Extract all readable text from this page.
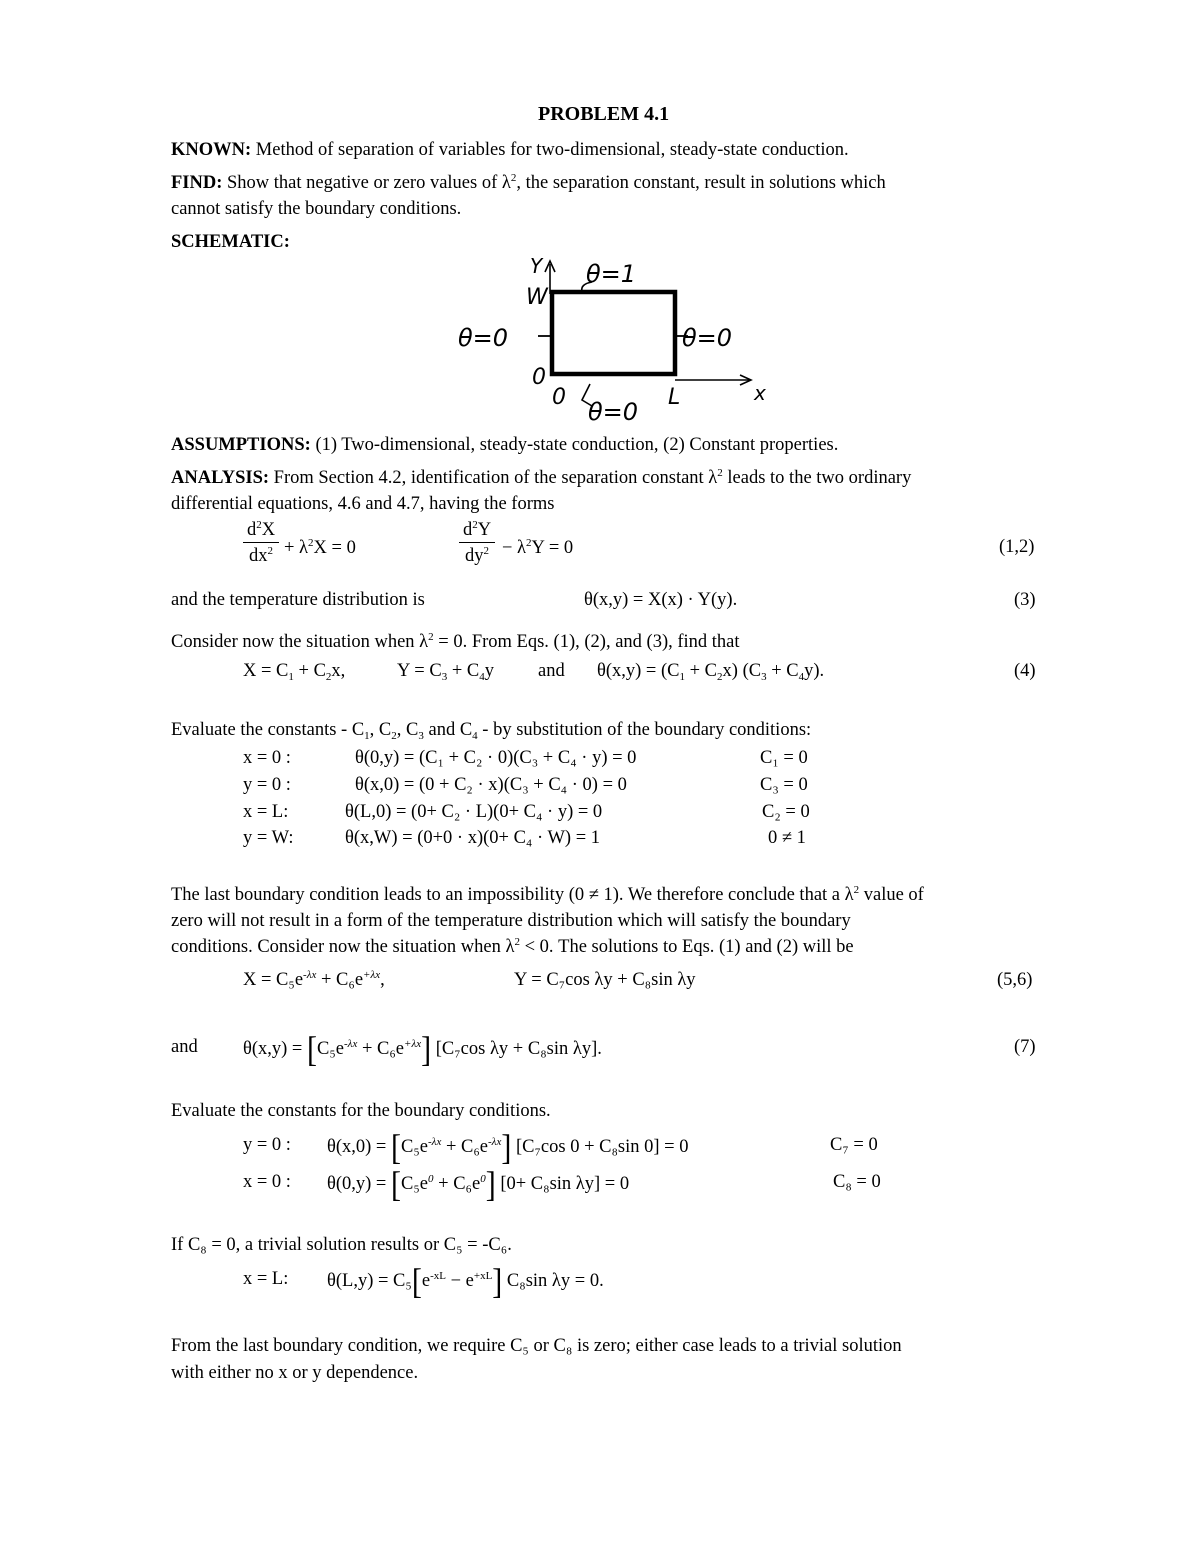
PROBLEM 4.1
KNOWN: Method of separation of variables for two-dimensional, steady-state conduction.
FIND: Show that negative or zero values of $\lambda^2$, the separation constant, result in solutions which
cannot satisfy the boundary conditions.
SCHEMATIC:
Y
W
θ=1
θ=0	θ=0
0
0
θ=0
L	x
ASSUMPTIONS: (1) Two-dimensional, steady-state conduction, (2) Constant properties.
ANALYSIS: From Section 4.2, identification of the separation constant $\lambda^2$ leads to the two ordinary
differential equations, 4.6 and 4.7, having the forms
$d^2X$
$dx^2 + \lambda^2X = 0$
$d^2Y$
$dy^2 - \lambda^2Y = 0$	(1,2)
and the temperature distribution is	θ(x,y) = X(x) · Y(y).	(3)
Consider now the situation when $\lambda^2 = 0$. From Eqs. (1), (2), and (3), find that
$X = C_1 + C_2x$,	$Y = C_3 + C_4y$ and $\theta(x,y) = (C_1 + C_2x) (C_3 + C_4y)$.	(4)
Evaluate the constants - $C_1$, $C_2$, $C_3$ and $C_4$ - by substitution of the boundary conditions:
x = 0 :	θ(0,y) = (C₁ + C₂ · 0)(C₃ + C₄ · y) = 0	C₁ = 0
y = 0 :	θ(x,0) = (0 + C₂ · x)(C₃ + C₄ · 0) = 0	C₃ = 0
x = L:	θ(L,0) = (0+ C₂ · L)(0+ C₄ · y) = 0	C₂ = 0
y = W:	θ(x,W) = (0+0 · x)(0+ C₄ · W) = 1	0 ≠ 1
The last boundary condition leads to an impossibility (0 ≠ 1). We therefore conclude that a $\lambda^2$ value of
zero will not result in a form of the temperature distribution which will satisfy the boundary
conditions. Consider now the situation when $\lambda^2 < 0$. The solutions to Eqs. (1) and (2) will be
$X = C_5e^{-\lambda x} + C_6e^{+\lambda x}$,	Y = C₇cos λy + C₈sin λy	(5,6)
and $\theta(x,y) = [C_5e^{-\lambda x} + C_6e^{+\lambda x}]$ [C₇cos λy + C₈sin λy].	(7)
Evaluate the constants for the boundary conditions.
y = 0 : $\theta(x,0) = [C_5e^{-\lambda x} + C_6e^{-\lambda x}]$ [C₇cos 0 + C₈sin 0] = 0	C₇ = 0
x = 0 : $\theta(0,y) = [C_5e^0 + C_6e^0]$ [0+ C₈sin λy] = 0	C₈ = 0
If C₈ = 0, a trivial solution results or C₅ = -C₆.
x = L: $\theta(L,y) = C_5[e^{-xL} - e^{+xL}]$ C₈sin λy = 0.
From the last boundary condition, we require C₅ or C₈ is zero; either case leads to a trivial solution
with either no x or y dependence.
